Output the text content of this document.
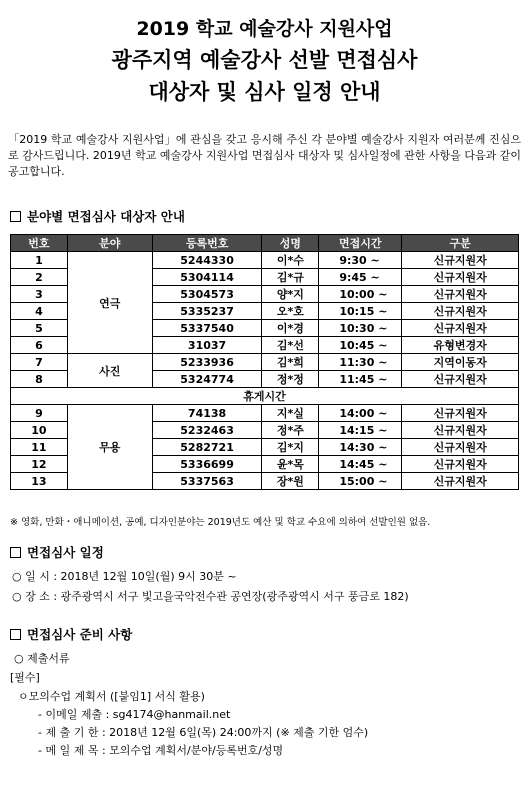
2019 학교 예술강사 지원사업
광주지역 예술강사 선발 면접심사
대상자 및 심사 일정 안내
「2019 학교 예술강사 지원사업」에 관심을 갖고 응시해 주신 각 분야별 예술강사 지원자 여러분께 진심으로 감사드립니다. 2019년 학교 예술강사 지원사업 면접심사 대상자 및 심사일정에 관한 사항을 다음과 같이 공고합니다.
분야별 면접심사 대상자 안내
번호	분야	등록번호	성명	면접시간	구분
1	연극	5244330	이*수	9:30 ~	신규지원자
2		5304114	김*규	9:45 ~	신규지원자
3		5304573	양*지	10:00 ~	신규지원자
4		5335237	오*호	10:15 ~	신규지원자
5		5337540	이*경	10:30 ~	신규지원자
6		31037	김*선	10:45 ~	유형변경자
7	사진	5233936	김*희	11:30 ~	지역이동자
8		5324774	정*정	11:45 ~	신규지원자
휴게시간					
9	무용	74138	지*실	14:00 ~	신규지원자
10		5232463	정*주	14:15 ~	신규지원자
11		5282721	김*지	14:30 ~	신규지원자
12		5336699	윤*목	14:45 ~	신규지원자
13		5337563	장*원	15:00 ~	신규지원자
※ 영화, 만화・애니메이션, 공예, 디자인분야는 2019년도 예산 및 학교 수요에 의하여 선발인원 없음.
면접심사 일정
○ 일 시 : 2018년 12월 10일(월) 9시 30분 ~
○ 장 소 : 광주광역시 서구 빛고을국악전수관 공연장(광주광역시 서구 풍금로 182)
면접심사 준비 사항
○ 제출서류
[필수]
ㅇ모의수업 계획서 ([붙임1] 서식 활용)
- 이메일 제출 : sg4174@hanmail.net
- 제 출 기 한 : 2018년 12월 6일(목) 24:00까지 (※ 제출 기한 엄수)
- 메 일 제 목 : 모의수업 계획서/분야/등록번호/성명
